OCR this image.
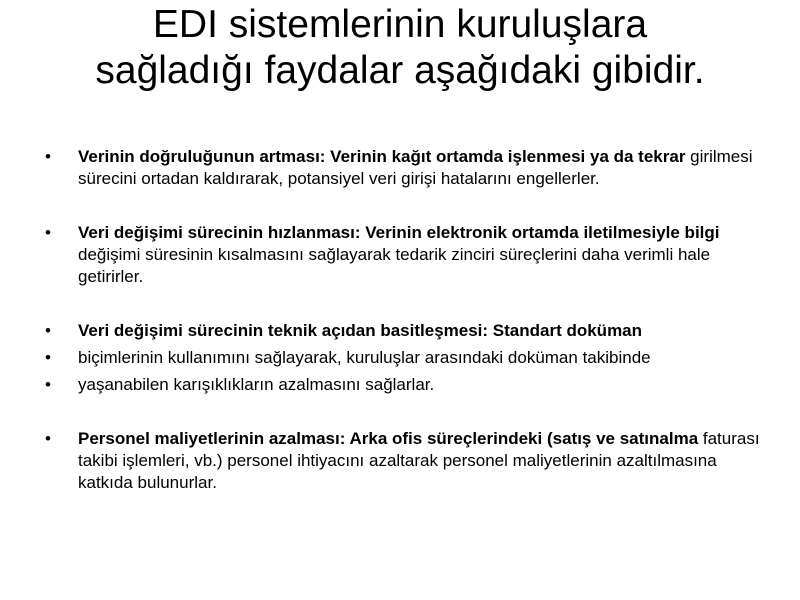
EDI sistemlerinin kuruluşlara
sağladığı faydalar aşağıdaki gibidir.
• Verinin doğruluğunun artması: Verinin kağıt ortamda işlenmesi ya da tekrar girilmesi sürecini ortadan kaldırarak, potansiyel veri girişi hatalarını engellerler.
• Veri değişimi sürecinin hızlanması: Verinin elektronik ortamda iletilmesiyle bilgi değişimi süresinin kısalmasını sağlayarak tedarik zinciri süreçlerini daha verimli hale getirirler.
• Veri değişimi sürecinin teknik açıdan basitleşmesi: Standart doküman
• biçimlerinin kullanımını sağlayarak, kuruluşlar arasındaki doküman takibinde
• yaşanabilen karışıklıkların azalmasını sağlarlar.
• Personel maliyetlerinin azalması: Arka ofis süreçlerindeki (satış ve satınalma faturası takibi işlemleri, vb.) personel ihtiyacını azaltarak personel maliyetlerinin azaltılmasına katkıda bulunurlar.
